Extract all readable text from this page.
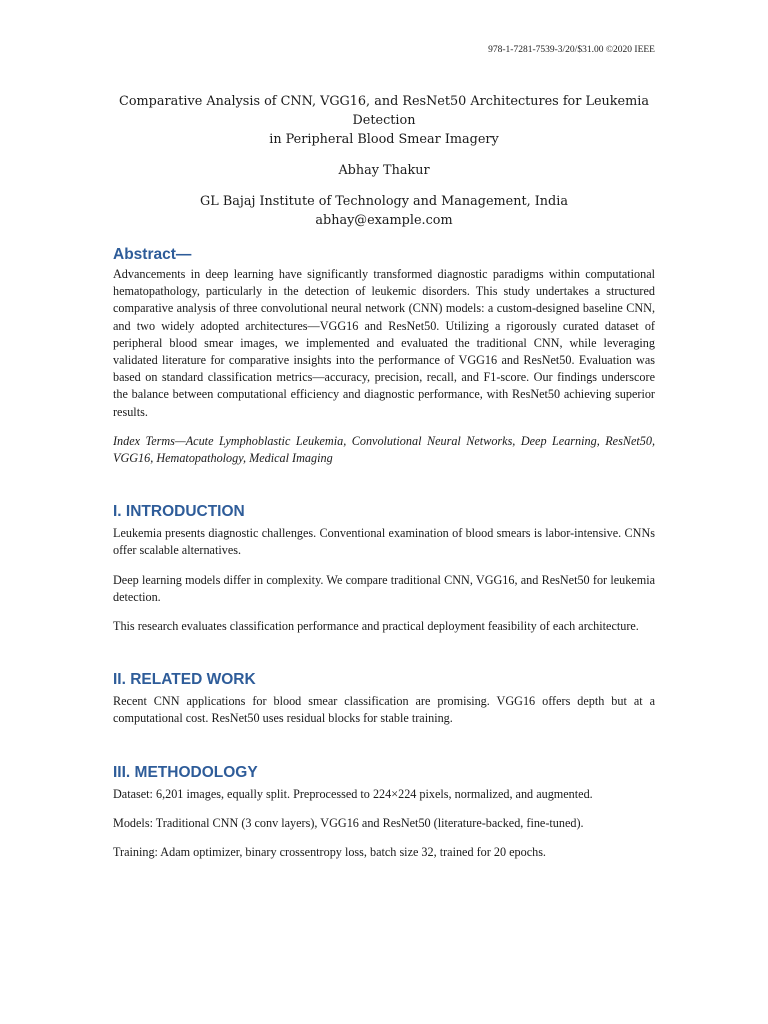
978-1-7281-7539-3/20/$31.00 ©2020 IEEE
Comparative Analysis of CNN, VGG16, and ResNet50 Architectures for Leukemia Detection
in Peripheral Blood Smear Imagery
Abhay Thakur
GL Bajaj Institute of Technology and Management, India
abhay@example.com
Abstract—

Advancements in deep learning have significantly transformed diagnostic paradigms within computational hematopathology, particularly in the detection of leukemic disorders. This study undertakes a structured comparative analysis of three convolutional neural network (CNN) models: a custom-designed baseline CNN, and two widely adopted architectures—VGG16 and ResNet50. Utilizing a rigorously curated dataset of peripheral blood smear images, we implemented and evaluated the traditional CNN, while leveraging validated literature for comparative insights into the performance of VGG16 and ResNet50. Evaluation was based on standard classification metrics—accuracy, precision, recall, and F1-score. Our findings underscore the balance between computational efficiency and diagnostic performance, with ResNet50 achieving superior results.

Index Terms—Acute Lymphoblastic Leukemia, Convolutional Neural Networks, Deep Learning, ResNet50, VGG16, Hematopathology, Medical Imaging

I. INTRODUCTION

Leukemia presents diagnostic challenges. Conventional examination of blood smears is labor-intensive. CNNs offer scalable alternatives.

Deep learning models differ in complexity. We compare traditional CNN, VGG16, and ResNet50 for leukemia detection.

This research evaluates classification performance and practical deployment feasibility of each architecture.

II. RELATED WORK

Recent CNN applications for blood smear classification are promising. VGG16 offers depth but at a computational cost. ResNet50 uses residual blocks for stable training.

III. METHODOLOGY

Dataset: 6,201 images, equally split. Preprocessed to 224×224 pixels, normalized, and augmented.

Models: Traditional CNN (3 conv layers), VGG16 and ResNet50 (literature-backed, fine-tuned).

Training: Adam optimizer, binary crossentropy loss, batch size 32, trained for 20 epochs.
